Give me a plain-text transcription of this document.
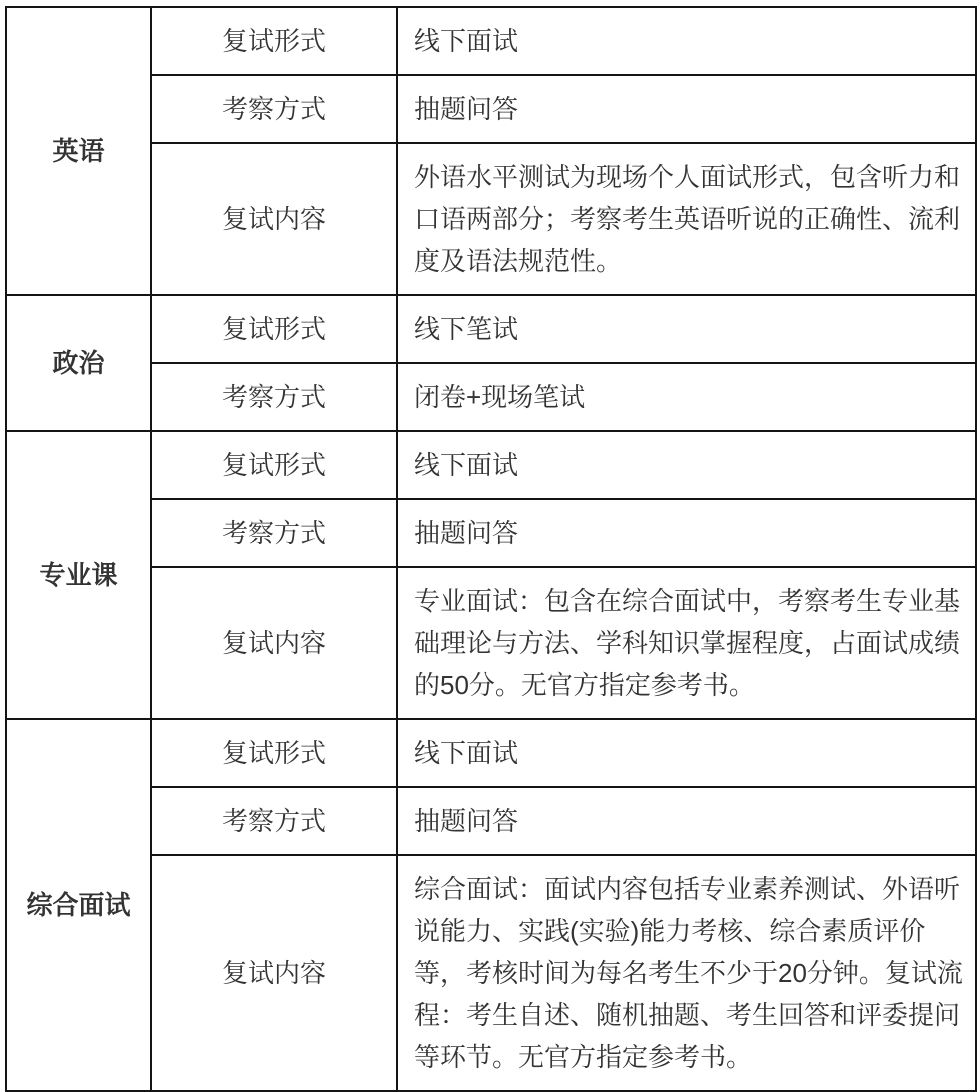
英语	复试形式	线下面试
	考察方式	抽题问答
	复试内容	外语水平测试为现场个人面试形式，包含听力和口语两部分；考察考生英语听说的正确性、流利度及语法规范性。
政治	复试形式	线下笔试
	考察方式	闭卷+现场笔试
专业课	复试形式	线下面试
	考察方式	抽题问答
	复试内容	专业面试：包含在综合面试中，考察考生专业基础理论与方法、学科知识掌握程度，占面试成绩的50分。无官方指定参考书。
综合面试	复试形式	线下面试
	考察方式	抽题问答
	复试内容	综合面试：面试内容包括专业素养测试、外语听说能力、实践(实验)能力考核、综合素质评价等，考核时间为每名考生不少于20分钟。复试流程：考生自述、随机抽题、考生回答和评委提问等环节。无官方指定参考书。
